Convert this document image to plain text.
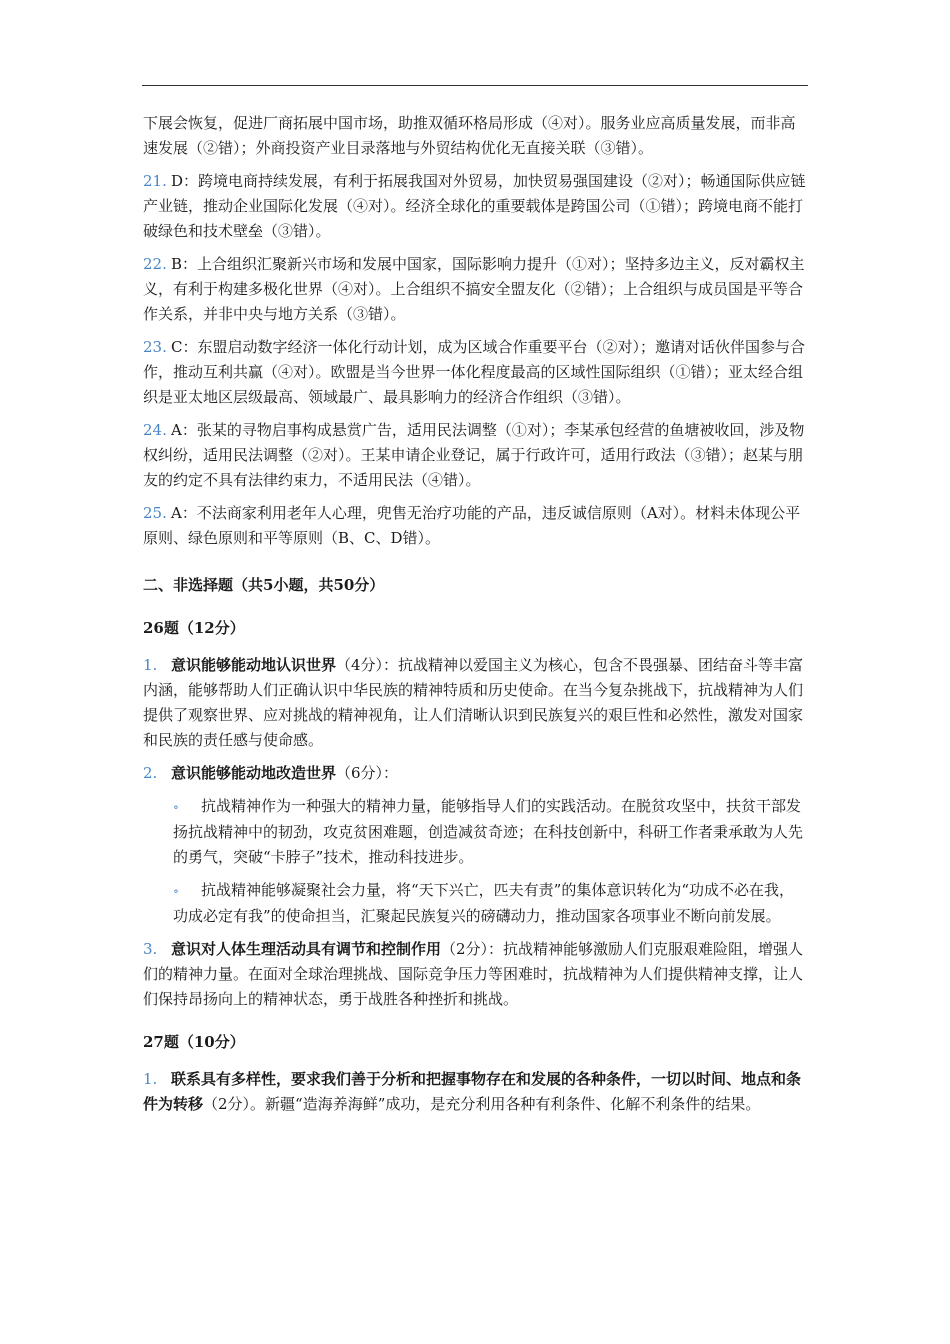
下展会恢复，促进厂商拓展中国市场，助推双循环格局形成（④对）。服务业应高质量发展，而非高速发展（②错）；外商投资产业目录落地与外贸结构优化无直接关联（③错）。

21. D：跨境电商持续发展，有利于拓展我国对外贸易，加快贸易强国建设（②对）；畅通国际供应链产业链，推动企业国际化发展（④对）。经济全球化的重要载体是跨国公司（①错）；跨境电商不能打破绿色和技术壁垒（③错）。

22. B：上合组织汇聚新兴市场和发展中国家，国际影响力提升（①对）；坚持多边主义，反对霸权主义，有利于构建多极化世界（④对）。上合组织不搞安全盟友化（②错）；上合组织与成员国是平等合作关系，并非中央与地方关系（③错）。

23. C：东盟启动数字经济一体化行动计划，成为区域合作重要平台（②对）；邀请对话伙伴国参与合作，推动互利共赢（④对）。欧盟是当今世界一体化程度最高的区域性国际组织（①错）；亚太经合组织是亚太地区层级最高、领域最广、最具影响力的经济合作组织（③错）。

24. A：张某的寻物启事构成悬赏广告，适用民法调整（①对）；李某承包经营的鱼塘被收回，涉及物权纠纷，适用民法调整（②对）。王某申请企业登记，属于行政许可，适用行政法（③错）；赵某与朋友的约定不具有法律约束力，不适用民法（④错）。

25. A：不法商家利用老年人心理，兜售无治疗功能的产品，违反诚信原则（A对）。材料未体现公平原则、绿色原则和平等原则（B、C、D错）。

二、非选择题（共5小题，共50分）

26题（12分）

1. 意识能够能动地认识世界（4分）：抗战精神以爱国主义为核心，包含不畏强暴、团结奋斗等丰富内涵，能够帮助人们正确认识中华民族的精神特质和历史使命。在当今复杂挑战下，抗战精神为人们提供了观察世界、应对挑战的精神视角，让人们清晰认识到民族复兴的艰巨性和必然性，激发对国家和民族的责任感与使命感。

2. 意识能够能动地改造世界（6分）：

∘ 抗战精神作为一种强大的精神力量，能够指导人们的实践活动。在脱贫攻坚中，扶贫干部发扬抗战精神中的韧劲，攻克贫困难题，创造减贫奇迹；在科技创新中，科研工作者秉承敢为人先的勇气，突破“卡脖子”技术，推动科技进步。

∘ 抗战精神能够凝聚社会力量，将“天下兴亡，匹夫有责”的集体意识转化为“功成不必在我，功成必定有我”的使命担当，汇聚起民族复兴的磅礴动力，推动国家各项事业不断向前发展。

3. 意识对人体生理活动具有调节和控制作用（2分）：抗战精神能够激励人们克服艰难险阻，增强人们的精神力量。在面对全球治理挑战、国际竞争压力等困难时，抗战精神为人们提供精神支撑，让人们保持昂扬向上的精神状态，勇于战胜各种挫折和挑战。

27题（10分）

1. 联系具有多样性，要求我们善于分析和把握事物存在和发展的各种条件，一切以时间、地点和条件为转移（2分）。新疆“造海养海鲜”成功，是充分利用各种有利条件、化解不利条件的结果。
